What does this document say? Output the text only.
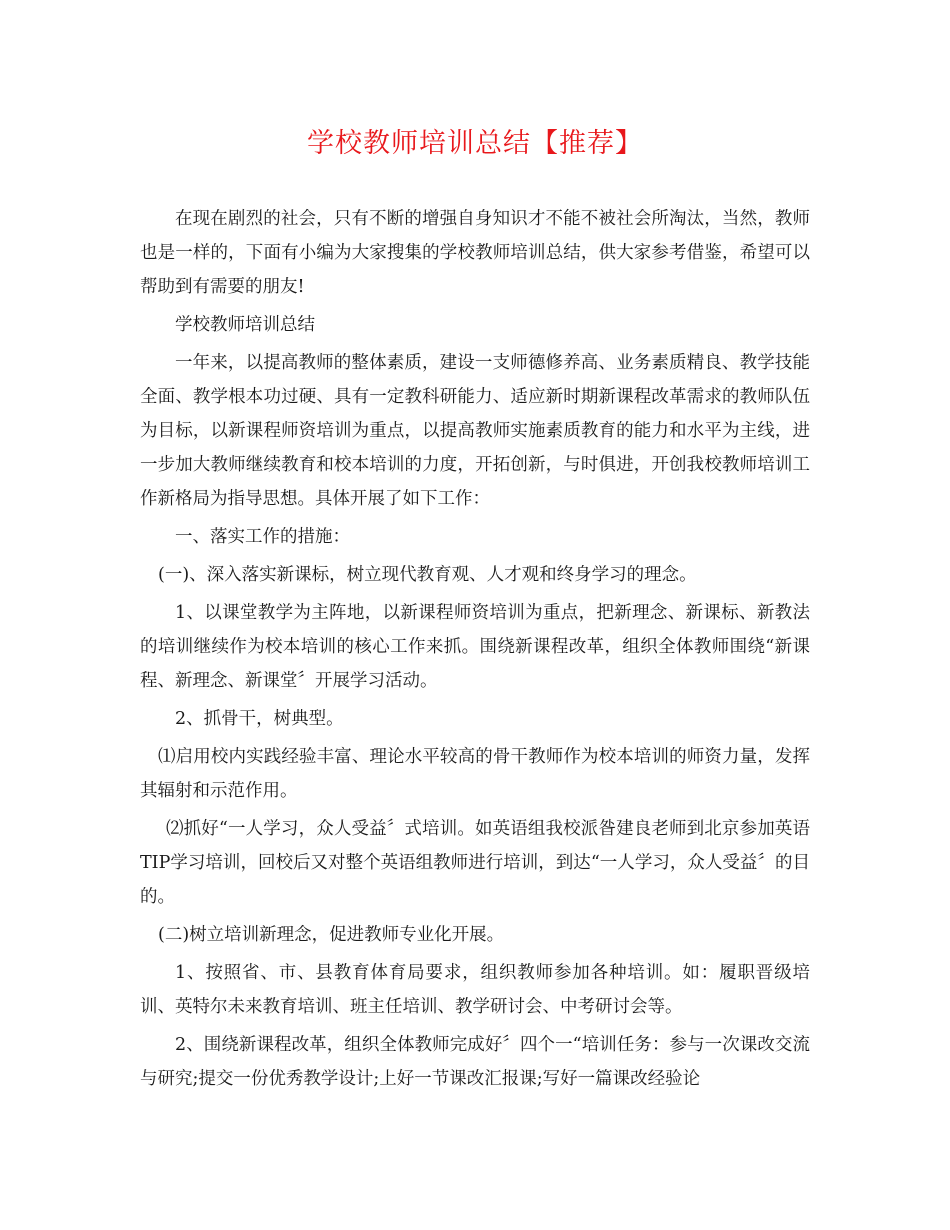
学校教师培训总结【推荐】

在现在剧烈的社会，只有不断的增强自身知识才不能不被社会所淘汰，当然，教师也是一样的，下面有小编为大家搜集的学校教师培训总结，供大家参考借鉴，希望可以帮助到有需要的朋友!

学校教师培训总结

一年来，以提高教师的整体素质，建设一支师德修养高、业务素质精良、教学技能全面、教学根本功过硬、具有一定教科研能力、适应新时期新课程改革需求的教师队伍为目标，以新课程师资培训为重点，以提高教师实施素质教育的能力和水平为主线，进一步加大教师继续教育和校本培训的力度，开拓创新，与时俱进，开创我校教师培训工作新格局为指导思想。具体开展了如下工作：

一、落实工作的措施：

(一)、深入落实新课标，树立现代教育观、人才观和终身学习的理念。

1、以课堂教学为主阵地，以新课程师资培训为重点，把新理念、新课标、新教法的培训继续作为校本培训的核心工作来抓。围绕新课程改革，组织全体教师围绕“新课程、新理念、新课堂〞开展学习活动。

2、抓骨干，树典型。

⑴启用校内实践经验丰富、理论水平较高的骨干教师作为校本培训的师资力量，发挥其辐射和示范作用。

⑵抓好“一人学习，众人受益〞式培训。如英语组我校派昝建良老师到北京参加英语TIP学习培训，回校后又对整个英语组教师进行培训，到达“一人学习，众人受益〞的目的。

(二)树立培训新理念，促进教师专业化开展。

1、按照省、市、县教育体育局要求，组织教师参加各种培训。如：履职晋级培训、英特尔未来教育培训、班主任培训、教学研讨会、中考研讨会等。

2、围绕新课程改革，组织全体教师完成好〞四个一“培训任务：参与一次课改交流与研究;提交一份优秀教学设计;上好一节课改汇报课;写好一篇课改经验论
